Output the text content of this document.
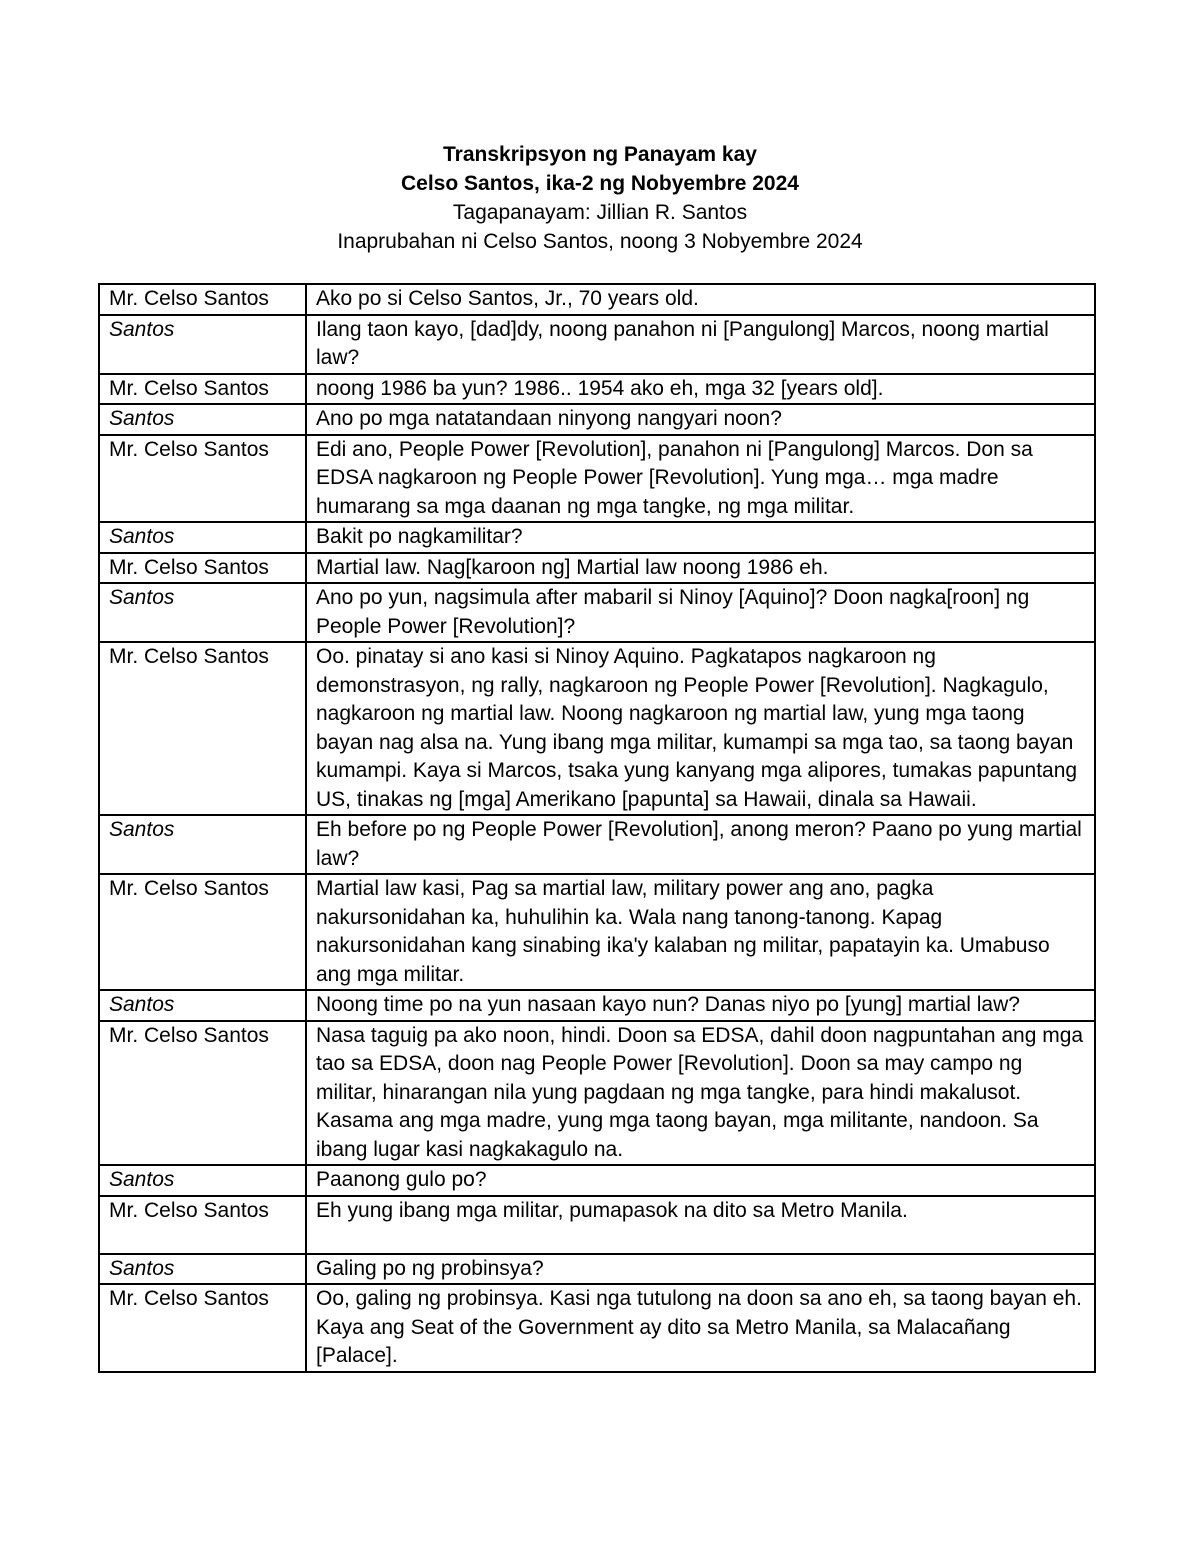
Transkripsyon ng Panayam kay
Celso Santos, ika-2 ng Nobyembre 2024
Tagapanayam: Jillian R. Santos
Inaprubahan ni Celso Santos, noong 3 Nobyembre 2024
Mr. Celso Santos	Ako po si Celso Santos, Jr., 70 years old.
Santos	Ilang taon kayo, [dad]dy, noong panahon ni [Pangulong] Marcos, noong martial law?
Mr. Celso Santos	noong 1986 ba yun? 1986.. 1954 ako eh, mga 32 [years old].
Santos	Ano po mga natatandaan ninyong nangyari noon?
Mr. Celso Santos	Edi ano, People Power [Revolution], panahon ni [Pangulong] Marcos. Don sa EDSA nagkaroon ng People Power [Revolution]. Yung mga… mga madre humarang sa mga daanan ng mga tangke, ng mga militar.
Santos	Bakit po nagkamilitar?
Mr. Celso Santos	Martial law. Nag[karoon ng] Martial law noong 1986 eh.
Santos	Ano po yun, nagsimula after mabaril si Ninoy [Aquino]? Doon nagka[roon] ng People Power [Revolution]?
Mr. Celso Santos	Oo. pinatay si ano kasi si Ninoy Aquino. Pagkatapos nagkaroon ng demonstrasyon, ng rally, nagkaroon ng People Power [Revolution]. Nagkagulo, nagkaroon ng martial law. Noong nagkaroon ng martial law, yung mga taong bayan nag alsa na. Yung ibang mga militar, kumampi sa mga tao, sa taong bayan kumampi. Kaya si Marcos, tsaka yung kanyang mga alipores, tumakas papuntang US, tinakas ng [mga] Amerikano [papunta] sa Hawaii, dinala sa Hawaii.
Santos	Eh before po ng People Power [Revolution], anong meron? Paano po yung martial law?
Mr. Celso Santos	Martial law kasi, Pag sa martial law, military power ang ano, pagka nakursonidahan ka, huhulihin ka. Wala nang tanong-tanong. Kapag nakursonidahan kang sinabing ika'y kalaban ng militar, papatayin ka. Umabuso ang mga militar.
Santos	Noong time po na yun nasaan kayo nun? Danas niyo po [yung] martial law?
Mr. Celso Santos	Nasa taguig pa ako noon, hindi. Doon sa EDSA, dahil doon nagpuntahan ang mga tao sa EDSA, doon nag People Power [Revolution]. Doon sa may campo ng militar, hinarangan nila yung pagdaan ng mga tangke, para hindi makalusot. Kasama ang mga madre, yung mga taong bayan, mga militante, nandoon. Sa ibang lugar kasi nagkakagulo na.
Santos	Paanong gulo po?
Mr. Celso Santos	Eh yung ibang mga militar, pumapasok na dito sa Metro Manila.
Santos	Galing po ng probinsya?
Mr. Celso Santos	Oo, galing ng probinsya. Kasi nga tutulong na doon sa ano eh, sa taong bayan eh. Kaya ang Seat of the Government ay dito sa Metro Manila, sa Malacañang [Palace].
